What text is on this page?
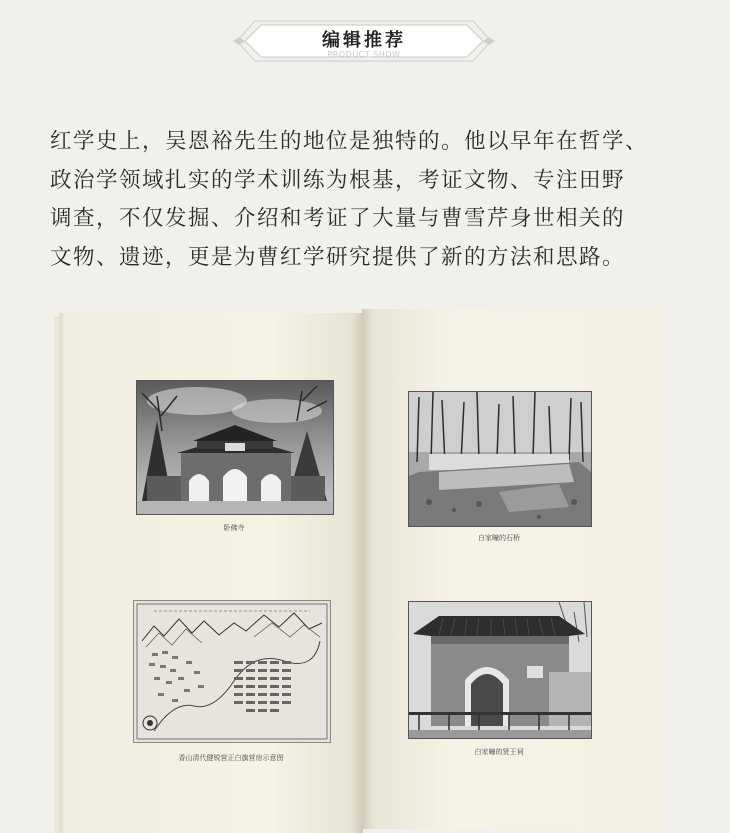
编辑推荐
PRODUCT SHOW
红学史上，吴恩裕先生的地位是独特的。他以早年在哲学、
政治学领域扎实的学术训练为根基，考证文物、专注田野
调查，不仅发掘、介绍和考证了大量与曹雪芹身世相关的
文物、遗迹，更是为曹红学研究提供了新的方法和思路。
卧佛寺
香山清代健锐营正白旗营房示意图
白家疃的石桥
白家疃的贤王祠
